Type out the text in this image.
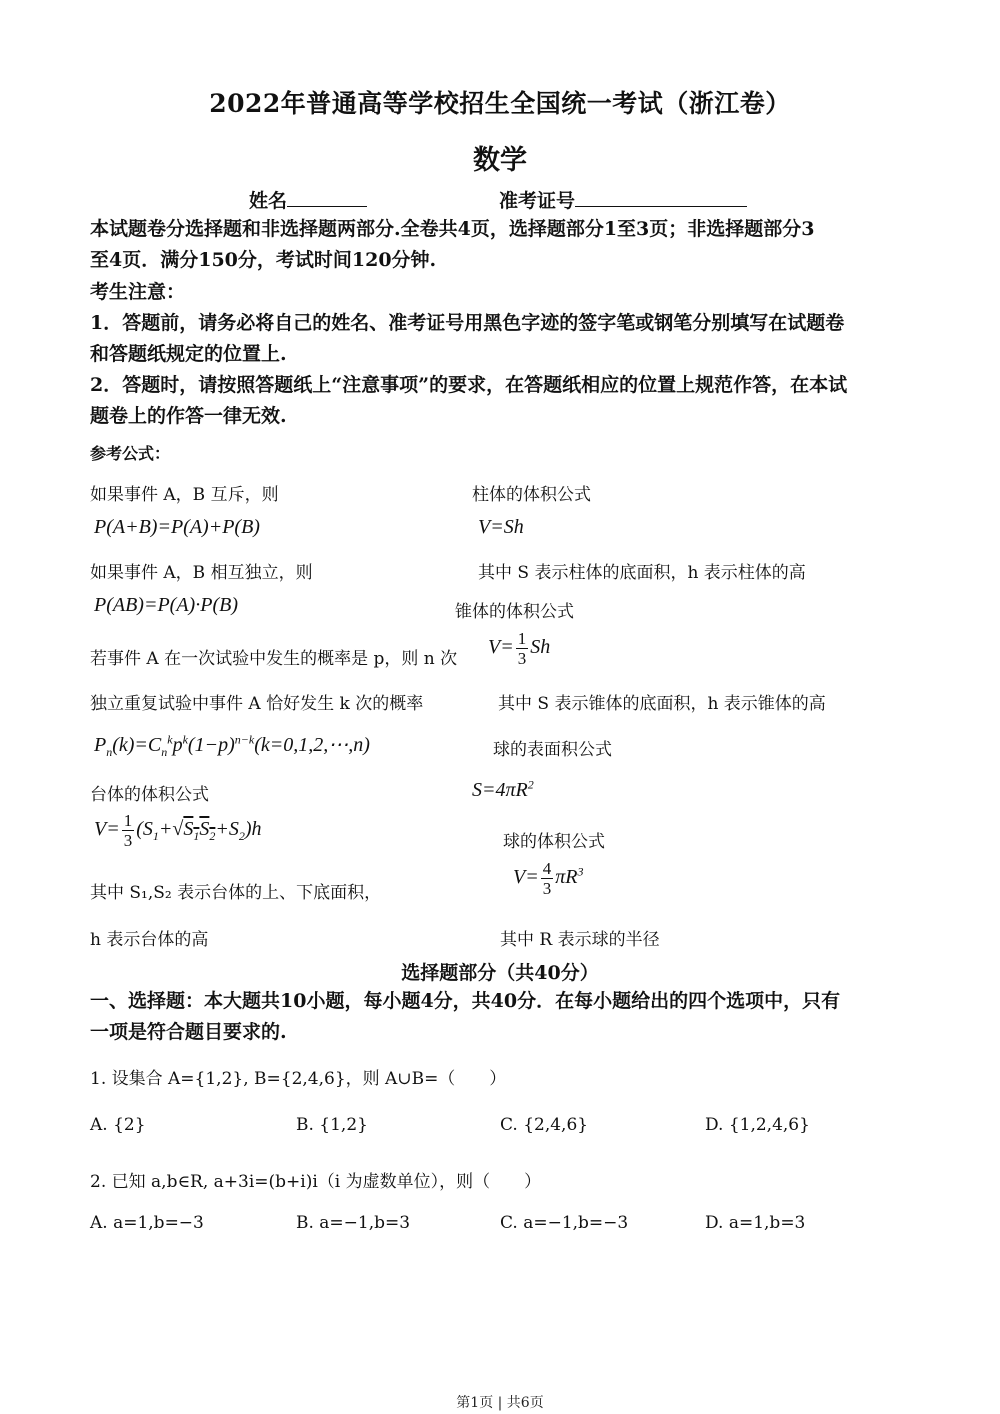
2022年普通高等学校招生全国统一考试（浙江卷）
数学
姓名	准考证号
本试题卷分选择题和非选择题两部分.全卷共4页，选择题部分1至3页；非选择题部分3
至4页．满分150分，考试时间120分钟.
考生注意：
1．答题前，请务必将自己的姓名、准考证号用黑色字迹的签字笔或钢笔分别填写在试题卷
和答题纸规定的位置上.
2．答题时，请按照答题纸上“注意事项”的要求，在答题纸相应的位置上规范作答，在本试
题卷上的作答一律无效.
参考公式：
如果事件 A，B 互斥，则
P(A+B)=P(A)+P(B)
如果事件 A，B 相互独立，则
P(AB)=P(A)·P(B)
若事件 A 在一次试验中发生的概率是 p，则 n 次
独立重复试验中事件 A 恰好发生 k 次的概率
$P_n(k)=C_n^kp^k(1-p)^{n-k}(k=0,1,2,\cdots,n)$
台体的体积公式
$V= \frac{1}{3} (S_1+√S_1S_2+S_2)h$
其中 S₁,S₂ 表示台体的上、下底面积，
h 表示台体的高
柱体的体积公式
V=Sh
其中 S 表示柱体的底面积，h 表示柱体的高
锥体的体积公式
$V= \frac{1}{3}$ Sh
其中 S 表示锥体的底面积，h 表示锥体的高
球的表面积公式
$S=4\pi R^2$
球的体积公式
$V= \frac{4}{3} \pi R^3$
其中 R 表示球的半径
选择题部分（共40分）
一、选择题：本大题共10小题，每小题4分，共40分．在每小题给出的四个选项中，只有
一项是符合题目要求的.
1. 设集合 A={1,2}, B={2,4,6}，则 A∪B=（　　）
A. {2}	B. {1,2}	C. {2,4,6}	D. {1,2,4,6}
2. 已知 a,b∈R, a+3i=(b+i)i（i 为虚数单位），则（　　）
A. a=1,b=−3	B. a=−1,b=3	C. a=−1,b=−3	D. a=1,b=3
第1页 | 共6页
